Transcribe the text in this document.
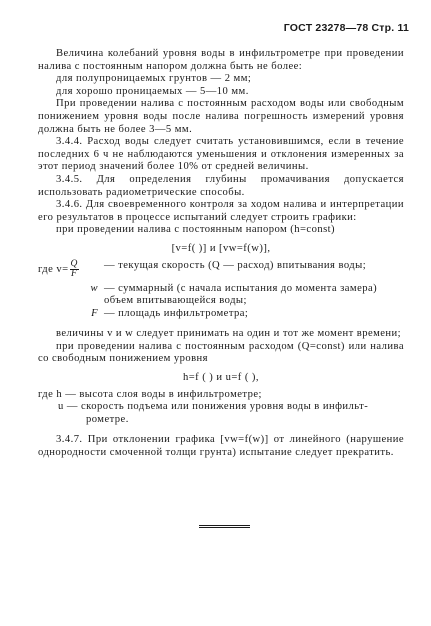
ГОСТ 23278—78 Стр. 11

Величина колебаний уровня воды в инфильтрометре при проведении налива с постоянным напором должна быть не более:

для полупроницаемых грунтов — 2 мм;

для хорошо проницаемых — 5—10 мм.

При проведении налива с постоянным расходом воды или свободным понижением уровня воды после налива погрешность измерений уровня должна быть не более 3—5 мм.

3.4.4. Расход воды следует считать установившимся, если в течение последних 6 ч не наблюдаются уменьшения и отклонения измеренных за этот период значений более 10% от средней величины.

3.4.5. Для определения глубины промачивания допускается использовать радиометрические способы.

3.4.6. Для своевременного контроля за ходом налива и интерпретации его результатов в процессе испытаний следует строить графики:

при проведении налива с постоянным напором (h=const)

[v=f( )] и [vw=f(w)],

где $v= \frac{Q}{F}$ — текущая скорость (Q — расход) впитывания воды;
w — суммарный (с начала испытания до момента замера) объем впитывающейся воды;
F — площадь инфильтрометра;

величины v и w следует принимать на один и тот же момент времени;

при проведении налива с постоянным расходом (Q=const) или налива со свободным понижением уровня

h=f ( ) и u=f ( ),

где h — высота слоя воды в инфильтрометре;

u — скорость подъема или понижения уровня воды в инфильт-

рометре.

3.4.7. При отклонении графика [vw=f(w)] от линейного (нарушение однородности смоченной толщи грунта) испытание следует прекратить.
